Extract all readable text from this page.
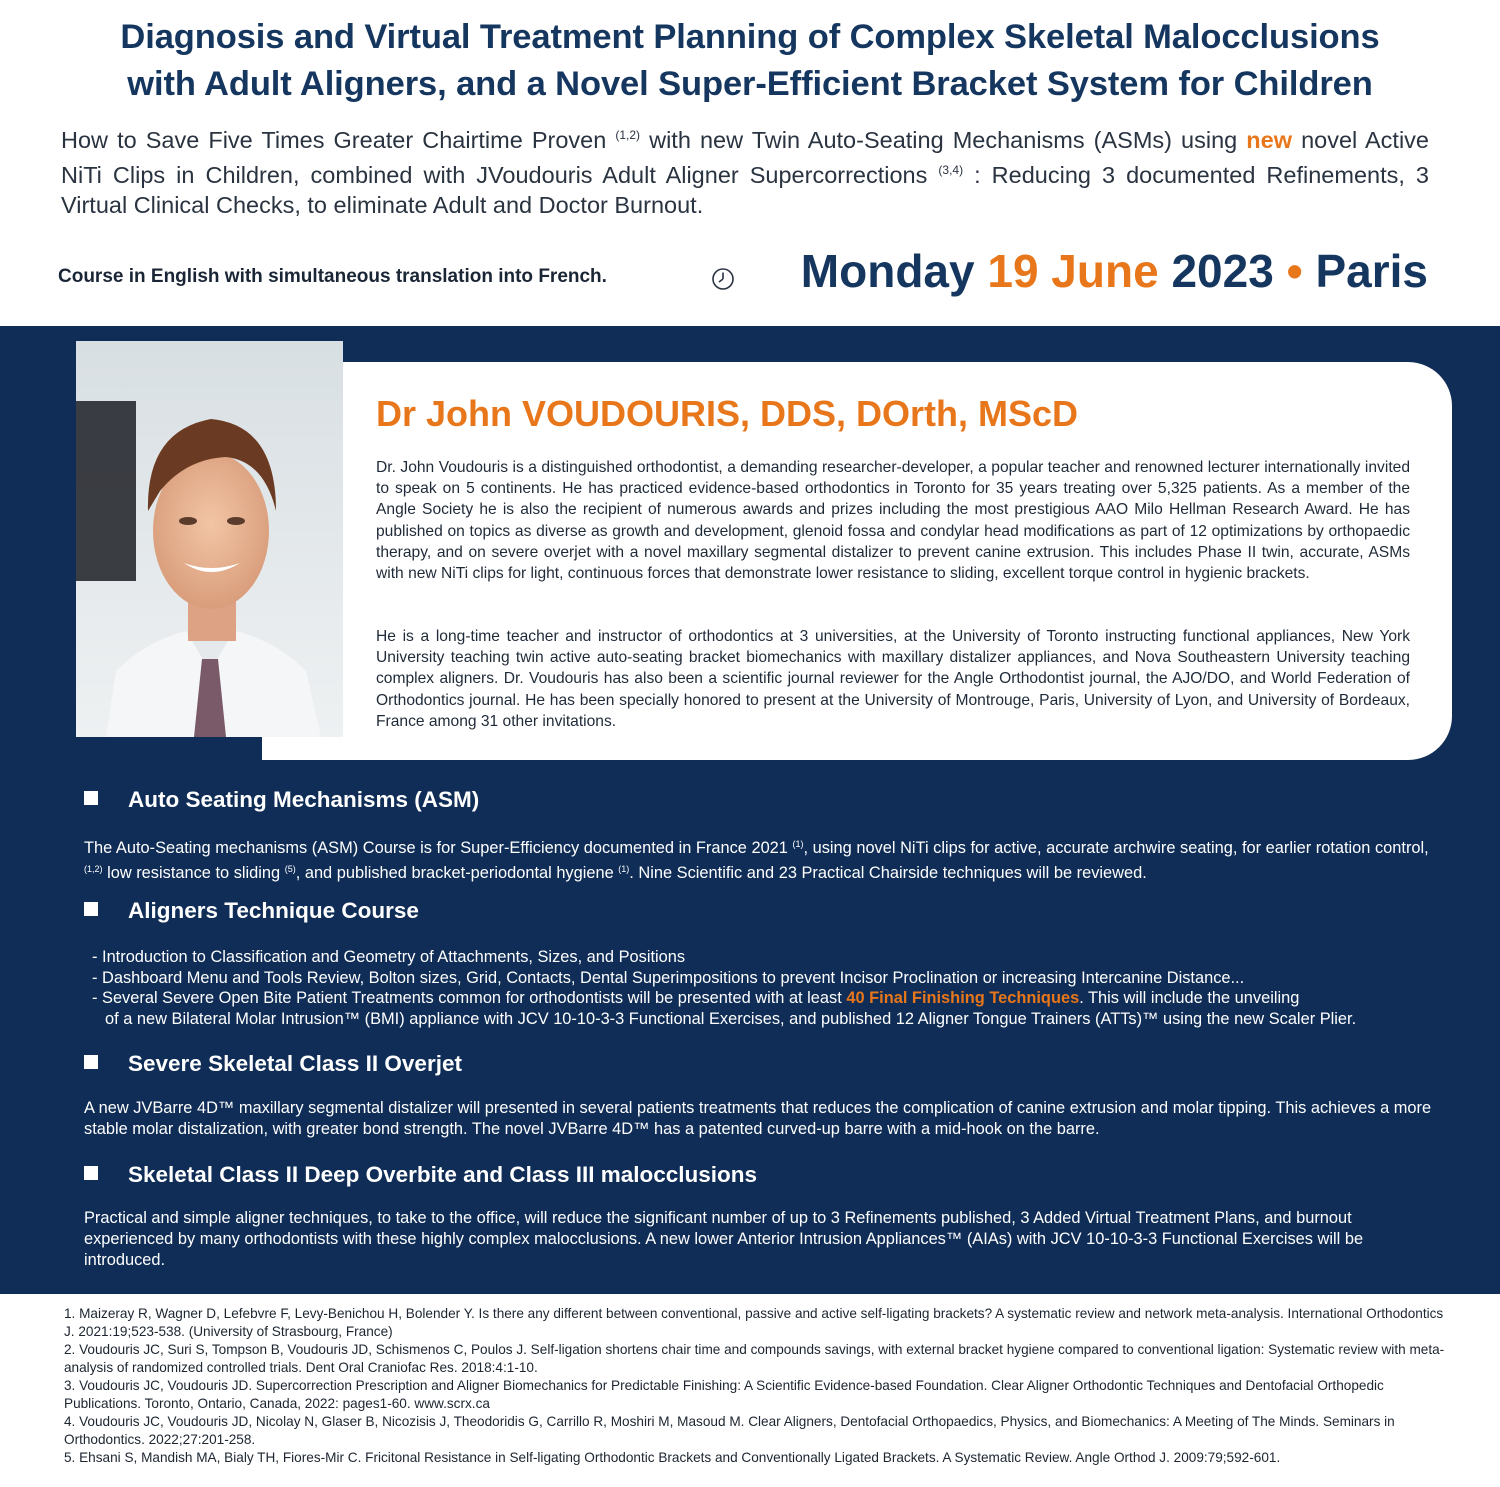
Diagnosis and Virtual Treatment Planning of Complex Skeletal Malocclusions
with Adult Aligners, and a Novel Super-Efficient Bracket System for Children
How to Save Five Times Greater Chairtime Proven $^{(1,2)}$ with new Twin Auto-Seating Mechanisms (ASMs) using new novel Active NiTi Clips in Children, combined with JVoudouris Adult Aligner Supercorrections $^{(3,4)}$ : Reducing 3 documented Refinements, 3 Virtual Clinical Checks, to eliminate Adult and Doctor Burnout.
Course in English with simultaneous translation into French.	Monday 19 June 2023 • Paris
Dr John VOUDOURIS, DDS, DOrth, MScD
Dr. John Voudouris is a distinguished orthodontist, a demanding researcher-developer, a popular teacher and renowned lecturer internationally invited to speak on 5 continents. He has practiced evidence-based orthodontics in Toronto for 35 years treating over 5,325 patients. As a member of the Angle Society he is also the recipient of numerous awards and prizes including the most prestigious AAO Milo Hellman Research Award. He has published on topics as diverse as growth and development, glenoid fossa and condylar head modifications as part of 12 optimizations by orthopaedic therapy, and on severe overjet with a novel maxillary segmental distalizer to prevent canine extrusion. This includes Phase II twin, accurate, ASMs with new NiTi clips for light, continuous forces that demonstrate lower resistance to sliding, excellent torque control in hygienic brackets.
He is a long-time teacher and instructor of orthodontics at 3 universities, at the University of Toronto instructing functional appliances, New York University teaching twin active auto-seating bracket biomechanics with maxillary distalizer appliances, and Nova Southeastern University teaching complex aligners. Dr. Voudouris has also been a scientific journal reviewer for the Angle Orthodontist journal, the AJO/DO, and World Federation of Orthodontics journal. He has been specially honored to present at the University of Montrouge, Paris, University of Lyon, and University of Bordeaux, France among 31 other invitations.
Auto Seating Mechanisms (ASM)
The Auto-Seating mechanisms (ASM) Course is for Super-Efficiency documented in France 2021 $^{(1)}$, using novel NiTi clips for active, accurate archwire seating, for earlier rotation control, $^{(1,2)}$ low resistance to sliding $^{(5)}$, and published bracket-periodontal hygiene $^{(1)}$. Nine Scientific and 23 Practical Chairside techniques will be reviewed.
Aligners Technique Course
- Introduction to Classification and Geometry of Attachments, Sizes, and Positions
- Dashboard Menu and Tools Review, Bolton sizes, Grid, Contacts, Dental Superimpositions to prevent Incisor Proclination or increasing Intercanine Distance...
- Several Severe Open Bite Patient Treatments common for orthodontists will be presented with at least 40 Final Finishing Techniques. This will include the unveiling
of a new Bilateral Molar Intrusion™ (BMI) appliance with JCV 10-10-3-3 Functional Exercises, and published 12 Aligner Tongue Trainers (ATTs)™ using the new Scaler Plier.
Severe Skeletal Class II Overjet
A new JVBarre 4D™ maxillary segmental distalizer will presented in several patients treatments that reduces the complication of canine extrusion and molar tipping. This achieves a more stable molar distalization, with greater bond strength. The novel JVBarre 4D™ has a patented curved-up barre with a mid-hook on the barre.
Skeletal Class II Deep Overbite and Class III malocclusions
Practical and simple aligner techniques, to take to the office, will reduce the significant number of up to 3 Refinements published, 3 Added Virtual Treatment Plans, and burnout experienced by many orthodontists with these highly complex malocclusions. A new lower Anterior Intrusion Appliances™ (AIAs) with JCV 10-10-3-3 Functional Exercises will be introduced.

1. Maizeray R, Wagner D, Lefebvre F, Levy-Benichou H, Bolender Y. Is there any different between conventional, passive and active self-ligating brackets? A systematic review and network meta-analysis. International Orthodontics J. 2021:19;523-538. (University of Strasbourg, France)

2. Voudouris JC, Suri S, Tompson B, Voudouris JD, Schismenos C, Poulos J. Self-ligation shortens chair time and compounds savings, with external bracket hygiene compared to conventional ligation: Systematic review with meta-analysis of randomized controlled trials. Dent Oral Craniofac Res. 2018:4:1-10.

3. Voudouris JC, Voudouris JD. Supercorrection Prescription and Aligner Biomechanics for Predictable Finishing: A Scientific Evidence-based Foundation. Clear Aligner Orthodontic Techniques and Dentofacial Orthopedic Publications. Toronto, Ontario, Canada, 2022: pages1-60. www.scrx.ca

4. Voudouris JC, Voudouris JD, Nicolay N, Glaser B, Nicozisis J, Theodoridis G, Carrillo R, Moshiri M, Masoud M. Clear Aligners, Dentofacial Orthopaedics, Physics, and Biomechanics: A Meeting of The Minds. Seminars in Orthodontics. 2022;27:201-258.

5. Ehsani S, Mandish MA, Bialy TH, Fiores-Mir C. Fricitonal Resistance in Self-ligating Orthodontic Brackets and Conventionally Ligated Brackets. A Systematic Review. Angle Orthod J. 2009:79;592-601.
